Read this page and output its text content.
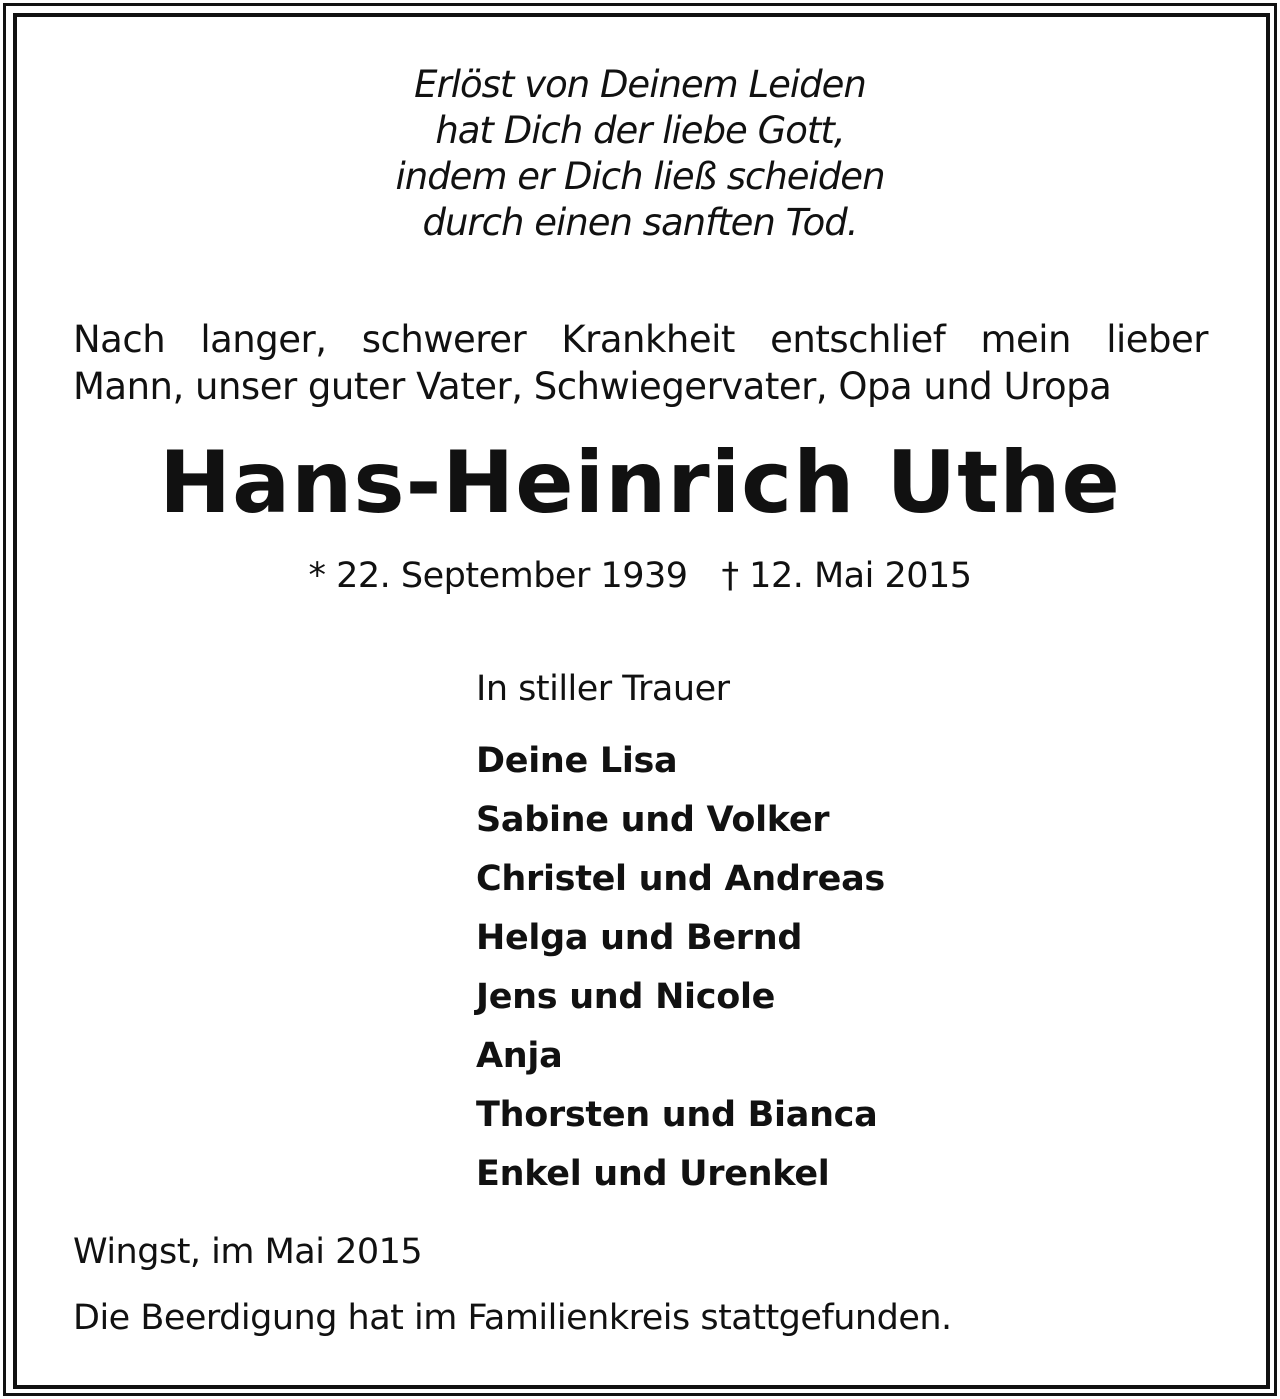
Erlöst von Deinem Leiden
hat Dich der liebe Gott,
indem er Dich ließ scheiden
durch einen sanften Tod.
Nach langer, schwerer Krankheit entschlief mein lieber
Mann, unser guter Vater, Schwiegervater, Opa und Uropa
Hans-Heinrich Uthe
* 22. September 1939 † 12. Mai 2015
In stiller Trauer
Deine Lisa
Sabine und Volker
Christel und Andreas
Helga und Bernd
Jens und Nicole
Anja
Thorsten und Bianca
Enkel und Urenkel
Wingst, im Mai 2015
Die Beerdigung hat im Familienkreis stattgefunden.
